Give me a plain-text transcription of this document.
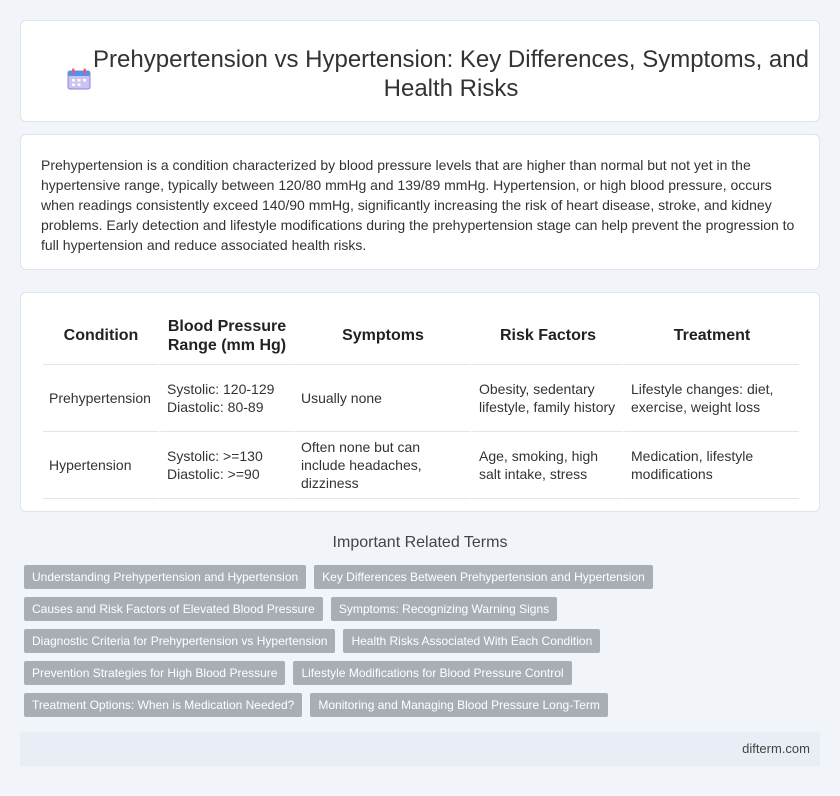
Prehypertension vs Hypertension: Key Differences, Symptoms, and Health Risks

Prehypertension is a condition characterized by blood pressure levels that are higher than normal but not yet in the hypertensive range, typically between 120/80 mmHg and 139/89 mmHg. Hypertension, or high blood pressure, occurs when readings consistently exceed 140/90 mmHg, significantly increasing the risk of heart disease, stroke, and kidney problems. Early detection and lifestyle modifications during the prehypertension stage can help prevent the progression to full hypertension and reduce associated health risks.

Condition	Blood Pressure Range (mm Hg)	Symptoms	Risk Factors	Treatment
Prehypertension	Systolic: 120-129 Diastolic: 80-89	Usually none	Obesity, sedentary lifestyle, family history	Lifestyle changes: diet, exercise, weight loss
Hypertension	Systolic: >=130 Diastolic: >=90	Often none but can include headaches, dizziness	Age, smoking, high salt intake, stress	Medication, lifestyle modifications
Important Related Terms
Understanding Prehypertension and Hypertension	Key Differences Between Prehypertension and Hypertension
Causes and Risk Factors of Elevated Blood Pressure	Symptoms: Recognizing Warning Signs
Diagnostic Criteria for Prehypertension vs Hypertension	Health Risks Associated With Each Condition
Prevention Strategies for High Blood Pressure	Lifestyle Modifications for Blood Pressure Control
Treatment Options: When is Medication Needed?	Monitoring and Managing Blood Pressure Long-Term
difterm.com
